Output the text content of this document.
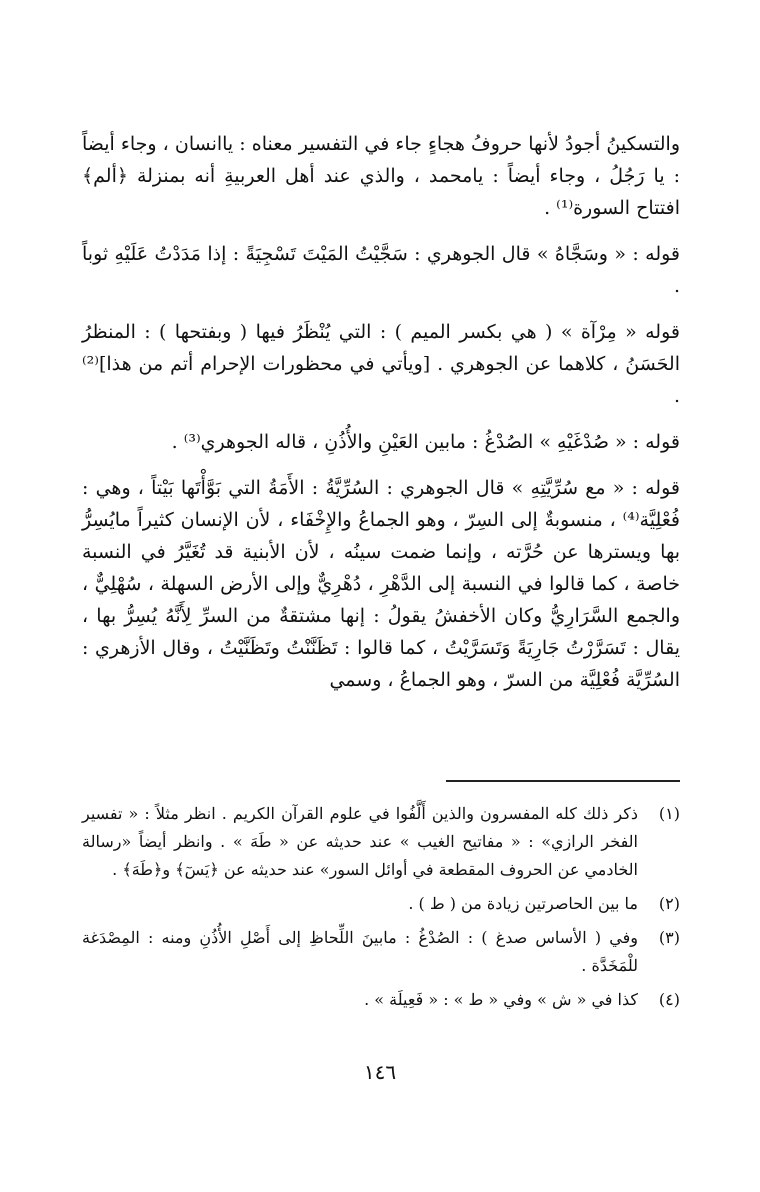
والتسكينُ أجودُ لأنها حروفُ هجاءٍ جاء في التفسير معناه : ياانسان ، وجاء أيضاً : يا رَجُلُ ، وجاء أيضاً : يامحمد ، والذي عند أهل العربيةِ أنه بمنزلة ﴿ألم﴾ افتتاح السورة⁽¹⁾ .

قوله : « وسَجَّاهُ » قال الجوهري : سَجَّيْتُ المَيْتَ تَسْجِيَةً : إذا مَدَدْتُ عَلَيْهِ ثوباً .

قوله « مِرْآة » ( هي بكسر الميم ) : التي يُنْظَرُ فيها ( وبفتحها ) : المنظرُ الحَسَنُ ، كلاهما عن الجوهري . [ويأتي في محظورات الإحرام أتم من هذا]⁽²⁾ .

قوله : « صُدْغَيْهِ » الصُدْغُ : مابين العَيْنِ والأُذُنِ ، قاله الجوهري⁽³⁾ .

قوله : « مع سُرِّيَّتِهِ » قال الجوهري : السُرِّيَّةُ : الأَمَةُ التي بَوَّأْتَها بَيْتاً ، وهي : فُعْلِيَّة⁽⁴⁾ ، منسوبةٌ إلى السِرّ ، وهو الجماعُ والإِخْفَاء ، لأن الإنسان كثيراً مايُسِرُّ بها ويسترها عن حُرَّته ، وإنما ضمت سينُه ، لأن الأبنية قد تُغَيَّرُ في النسبة خاصة ، كما قالوا في النسبة إلى الدَّهْرِ ، دُهْرِيٌّ وإلى الأرض السهلة ، سُهْلِيٌّ ، والجمع السَّرَارِيُّ وكان الأخفشُ يقولُ : إنها مشتقةٌ من السرِّ لِأَنَّهُ يُسِرُّ بها ، يقال : تَسَرَّرْتُ جَارِيَةً وَتَسَرَّيْتُ ، كما قالوا : تَظَنَّنْتُ وتَظَنَّيْتُ ، وقال الأزهري : السُرِّيَّة فُعْلِيَّة من السرّ ، وهو الجماعُ ، وسمي

(١)
ذكر ذلك كله المفسرون والذين أَلَّفُوا في علوم القرآن الكريم . انظر مثلاً : « تفسير الفخر الرازي» : « مفاتيح الغيب » عند حديثه عن « طَهَ » . وانظر أيضاً «رسالة الخادمي عن الحروف المقطعة في أوائل السور» عند حديثه عن ﴿يَسٓ﴾ و﴿طَهَ﴾ .
(٢)
ما بين الحاصرتين زيادة من ( ط ) .
(٣)
وفي ( الأساس صدغ ) : الصُدْغُ : مابينَ اللِّحاظِ إلى أَصْلِ الأُذُنِ ومنه : المِصْدَغة للْمَخَدَّة .
(٤)
كذا في « ش » وفي « ط » : « فَعِيلَة » .
١٤٦
